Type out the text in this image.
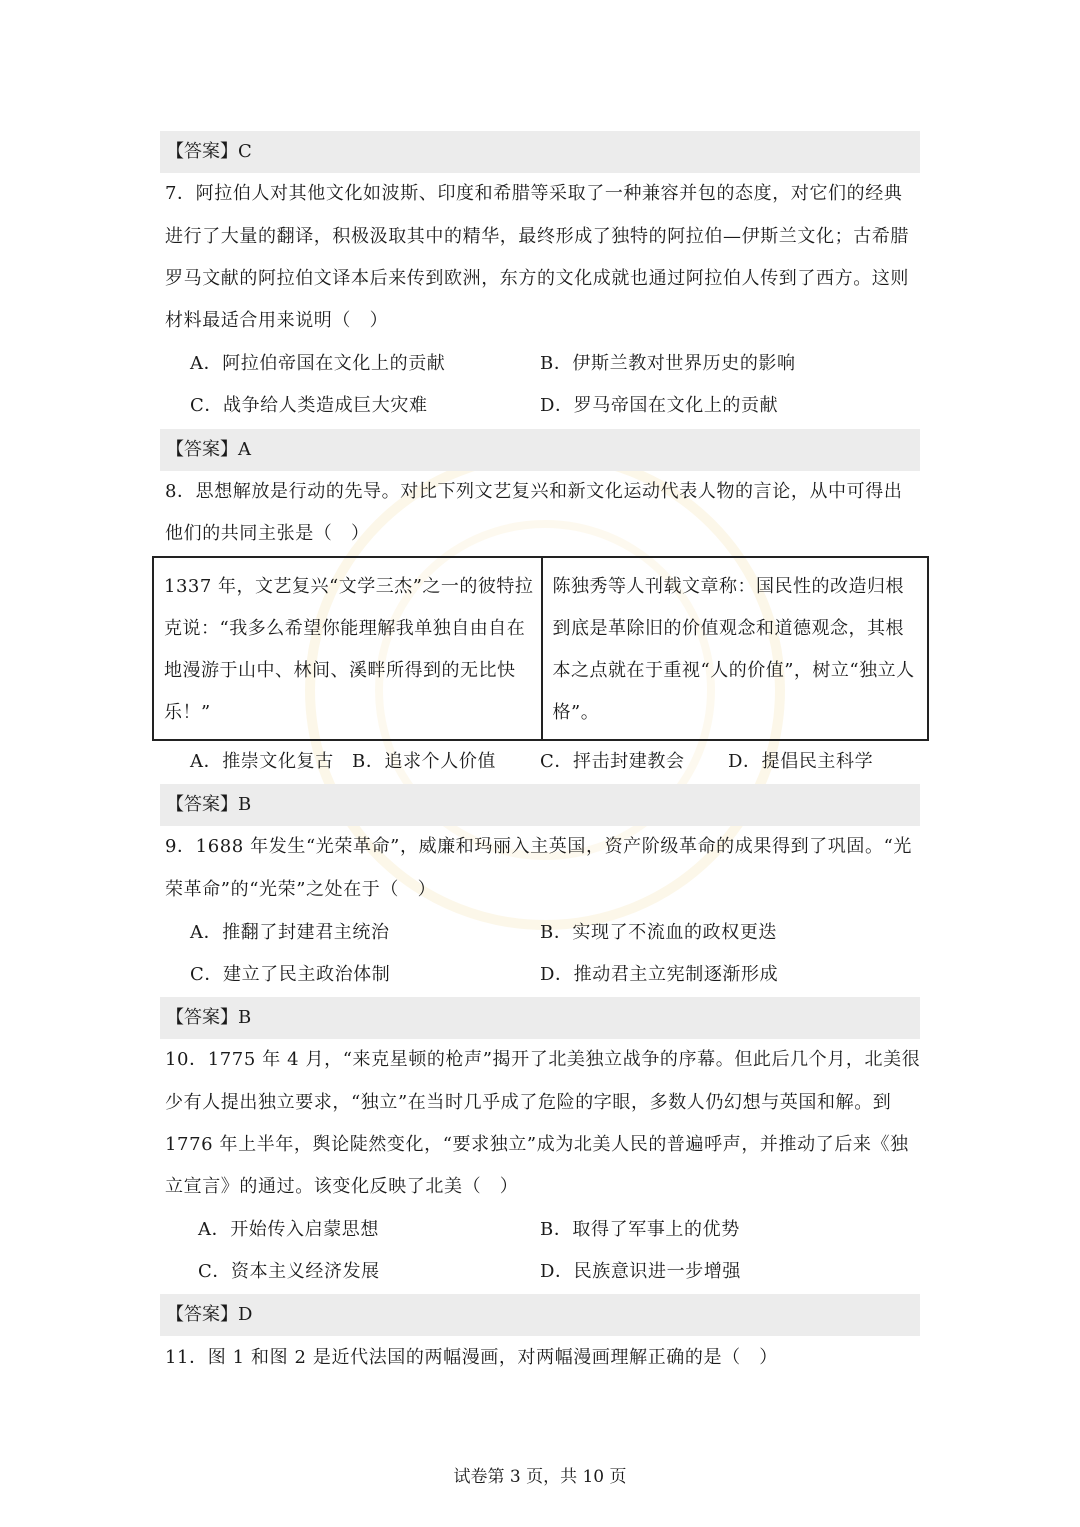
【答案】C
7．阿拉伯人对其他文化如波斯、印度和希腊等采取了一种兼容并包的态度，对它们的经典
进行了大量的翻译，积极汲取其中的精华，最终形成了独特的阿拉伯—伊斯兰文化；古希腊
罗马文献的阿拉伯文译本后来传到欧洲，东方的文化成就也通过阿拉伯人传到了西方。这则
材料最适合用来说明（　）
A．阿拉伯帝国在文化上的贡献	B．伊斯兰教对世界历史的影响
C．战争给人类造成巨大灾难	D．罗马帝国在文化上的贡献
【答案】A
8．思想解放是行动的先导。对比下列文艺复兴和新文化运动代表人物的言论，从中可得出
他们的共同主张是（　）
1337 年，文艺复兴“文学三杰”之一的彼特拉
克说：“我多么希望你能理解我单独自由自在
地漫游于山中、林间、溪畔所得到的无比快
乐！”
陈独秀等人刊载文章称：国民性的改造归根
到底是革除旧的价值观念和道德观念，其根
本之点就在于重视“人的价值”，树立“独立人
格”。
A．推崇文化复古 B．追求个人价值 C．抨击封建教会 D．提倡民主科学
【答案】B
9．1688 年发生“光荣革命”，威廉和玛丽入主英国，资产阶级革命的成果得到了巩固。“光
荣革命”的“光荣”之处在于（　）
A．推翻了封建君主统治	B．实现了不流血的政权更迭
C．建立了民主政治体制	D．推动君主立宪制逐渐形成
【答案】B
10．1775 年 4 月，“来克星顿的枪声”揭开了北美独立战争的序幕。但此后几个月，北美很
少有人提出独立要求，“独立”在当时几乎成了危险的字眼，多数人仍幻想与英国和解。到
1776 年上半年，舆论陡然变化，“要求独立”成为北美人民的普遍呼声，并推动了后来《独
立宣言》的通过。该变化反映了北美（　）
A．开始传入启蒙思想	B．取得了军事上的优势
C．资本主义经济发展	D．民族意识进一步增强
【答案】D
11．图 1 和图 2 是近代法国的两幅漫画，对两幅漫画理解正确的是（　）
试卷第 3 页，共 10 页
